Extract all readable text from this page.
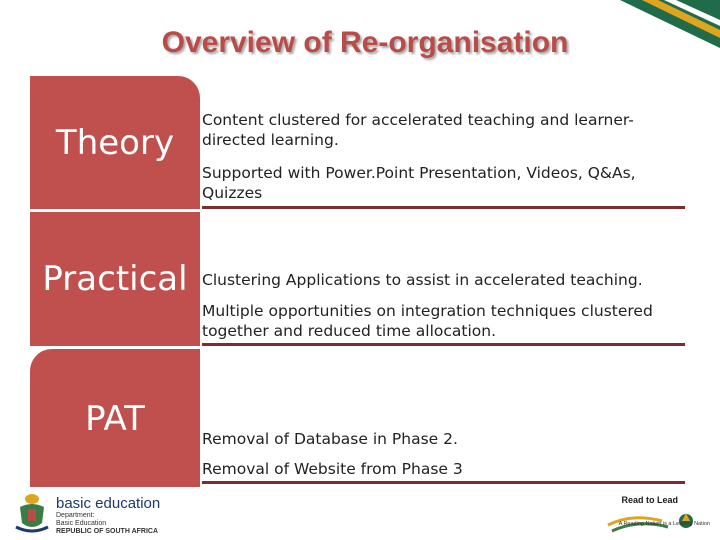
Overview of Re-organisation
Theory

Content clustered for accelerated teaching and learner-directed learning.

Supported with Power.Point Presentation, Videos, Q&As, Quizzes

Practical Clustering Applications to assist in accelerated teaching.

Multiple opportunities on integration techniques clustered together and reduced time allocation.

PAT	Removal of Database in Phase 2.

Removal of Website from Phase 3

basic education
Department:
Basic Education
REPUBLIC OF SOUTH AFRICA
Read to Lead
A Reading Nation is a Leading Nation
